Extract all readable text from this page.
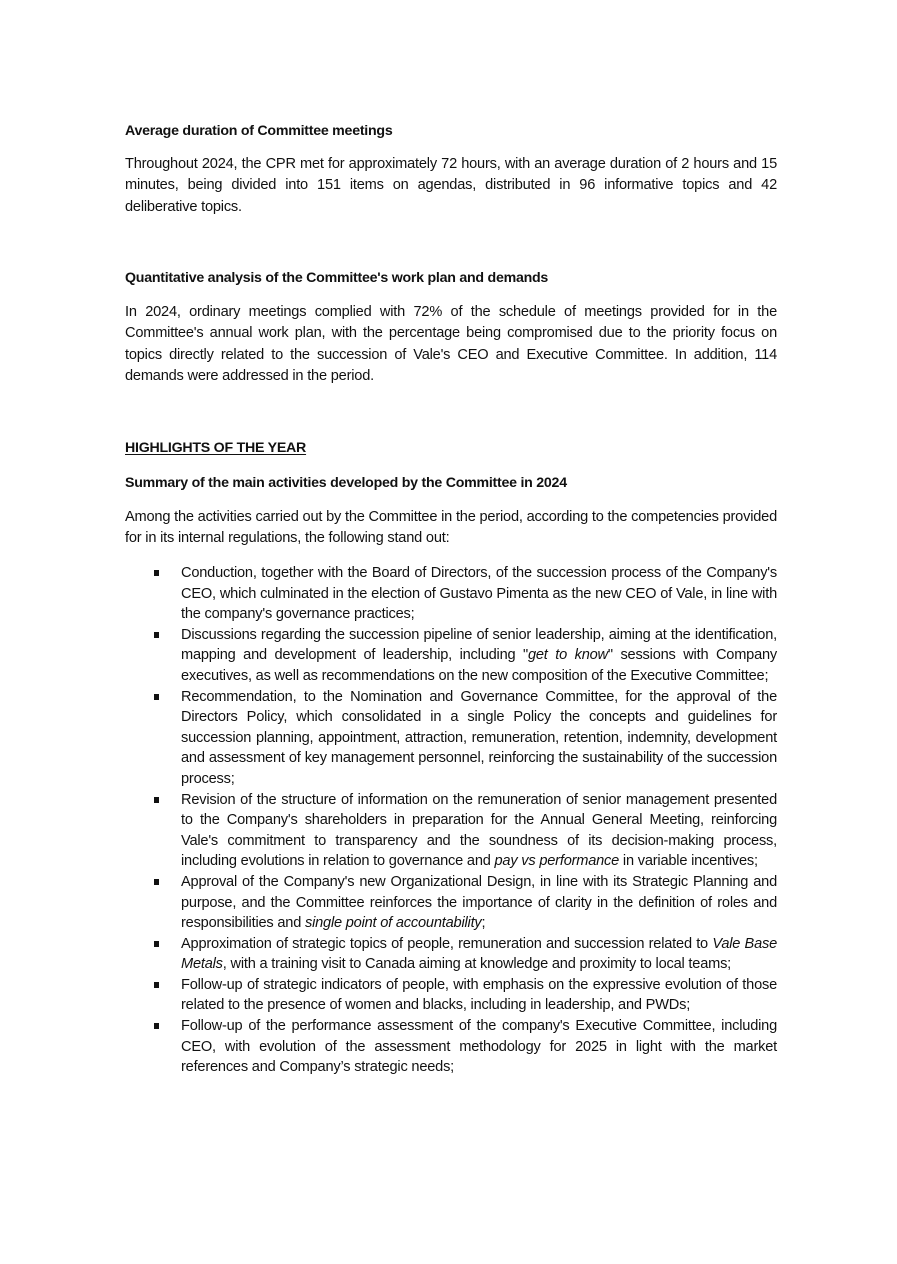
Average duration of Committee meetings
Throughout 2024, the CPR met for approximately 72 hours, with an average duration of 2 hours and 15 minutes, being divided into 151 items on agendas, distributed in 96 informative topics and 42 deliberative topics.
Quantitative analysis of the Committee's work plan and demands
In 2024, ordinary meetings complied with 72% of the schedule of meetings provided for in the Committee's annual work plan, with the percentage being compromised due to the priority focus on topics directly related to the succession of Vale's CEO and Executive Committee. In addition, 114 demands were addressed in the period.
HIGHLIGHTS OF THE YEAR
Summary of the main activities developed by the Committee in 2024
Among the activities carried out by the Committee in the period, according to the competencies provided for in its internal regulations, the following stand out:
Conduction, together with the Board of Directors, of the succession process of the Company's CEO, which culminated in the election of Gustavo Pimenta as the new CEO of Vale, in line with the company's governance practices;
Discussions regarding the succession pipeline of senior leadership, aiming at the identification, mapping and development of leadership, including "get to know" sessions with Company executives, as well as recommendations on the new composition of the Executive Committee;
Recommendation, to the Nomination and Governance Committee, for the approval of the Directors Policy, which consolidated in a single Policy the concepts and guidelines for succession planning, appointment, attraction, remuneration, retention, indemnity, development and assessment of key management personnel, reinforcing the sustainability of the succession process;
Revision of the structure of information on the remuneration of senior management presented to the Company's shareholders in preparation for the Annual General Meeting, reinforcing Vale's commitment to transparency and the soundness of its decision-making process, including evolutions in relation to governance and pay vs performance in variable incentives;
Approval of the Company's new Organizational Design, in line with its Strategic Planning and purpose, and the Committee reinforces the importance of clarity in the definition of roles and responsibilities and single point of accountability;
Approximation of strategic topics of people, remuneration and succession related to Vale Base Metals, with a training visit to Canada aiming at knowledge and proximity to local teams;
Follow-up of strategic indicators of people, with emphasis on the expressive evolution of those related to the presence of women and blacks, including in leadership, and PWDs;
Follow-up of the performance assessment of the company's Executive Committee, including CEO, with evolution of the assessment methodology for 2025 in light with the market references and Company’s strategic needs;
